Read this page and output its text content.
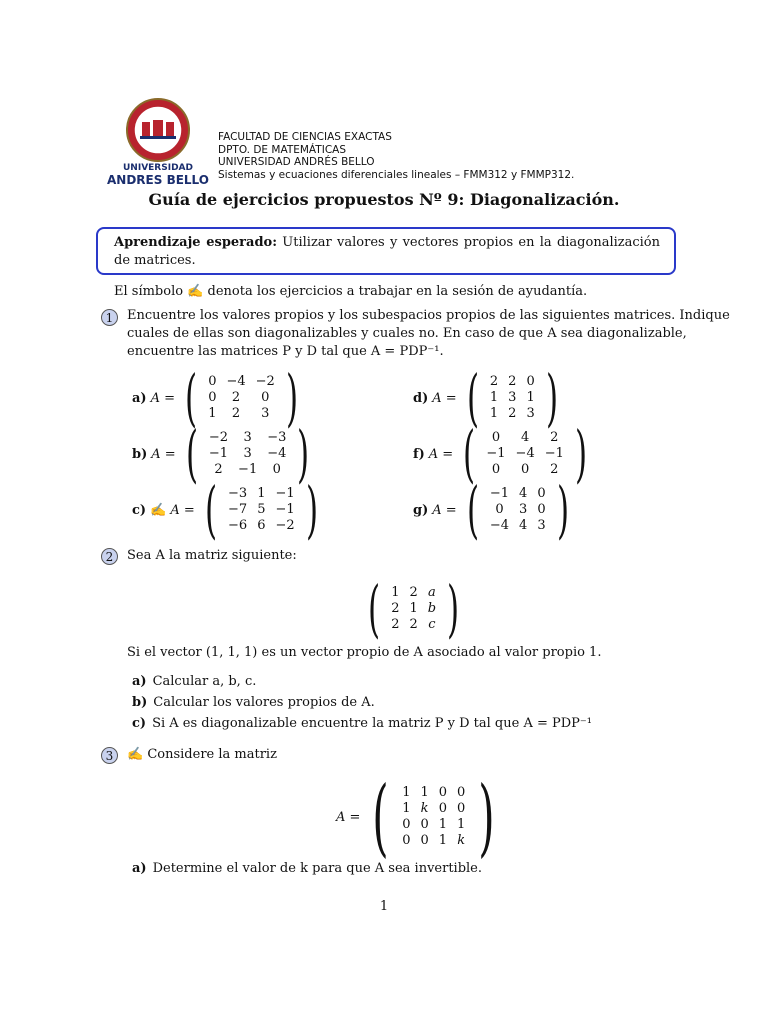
UNIVERSIDAD
ANDRES BELLO
FACULTAD DE CIENCIAS EXACTAS
DPTO. DE MATEMÁTICAS
UNIVERSIDAD ANDRÉS BELLO
Sistemas y ecuaciones diferenciales lineales – FMM312 y FMMP312.
Guía de ejercicios propuestos Nº 9: Diagonalización.
Aprendizaje esperado: Utilizar valores y vectores propios en la diagonalización de matrices.
El símbolo ✍ denota los ejercicios a trabajar en la sesión de ayudantía.
1	Encuentre los valores propios y los subespacios propios de las siguientes matrices. Indique
cuales de ellas son diagonalizables y cuales no. En caso de que A sea diagonalizable,
encuentre las matrices P y D tal que A = PDP⁻¹.
a) A = ( 0	−4	−2
0	2	0
1	2	3 )
b) A = ( −2	3	−3
−1	3	−4
2	−1	0 )
c) ✍ A = ( −3	1	−1
−7	5	−1
−6	6	−2 )
d) A = ( 2	2	0
1	3	1
1	2	3 )
f) A = ( 0	4	2
−1	−4	−1
0	0	2 )
g) A = ( −1	4	0
0	3	0
−4	4	3 )
2	Sea A la matriz siguiente:
( 1	2	a
2	1	b
2	2	c )
Si el vector (1, 1, 1) es un vector propio de A asociado al valor propio 1.
a) Calcular a, b, c.
b) Calcular los valores propios de A.
c) Si A es diagonalizable encuentre la matriz P y D tal que A = PDP⁻¹
3	✍ Considere la matriz
A = ( 1	1	0	0
1	k	0	0
0	0	1	1
0	0	1	k )
a) Determine el valor de k para que A sea invertible.
1
